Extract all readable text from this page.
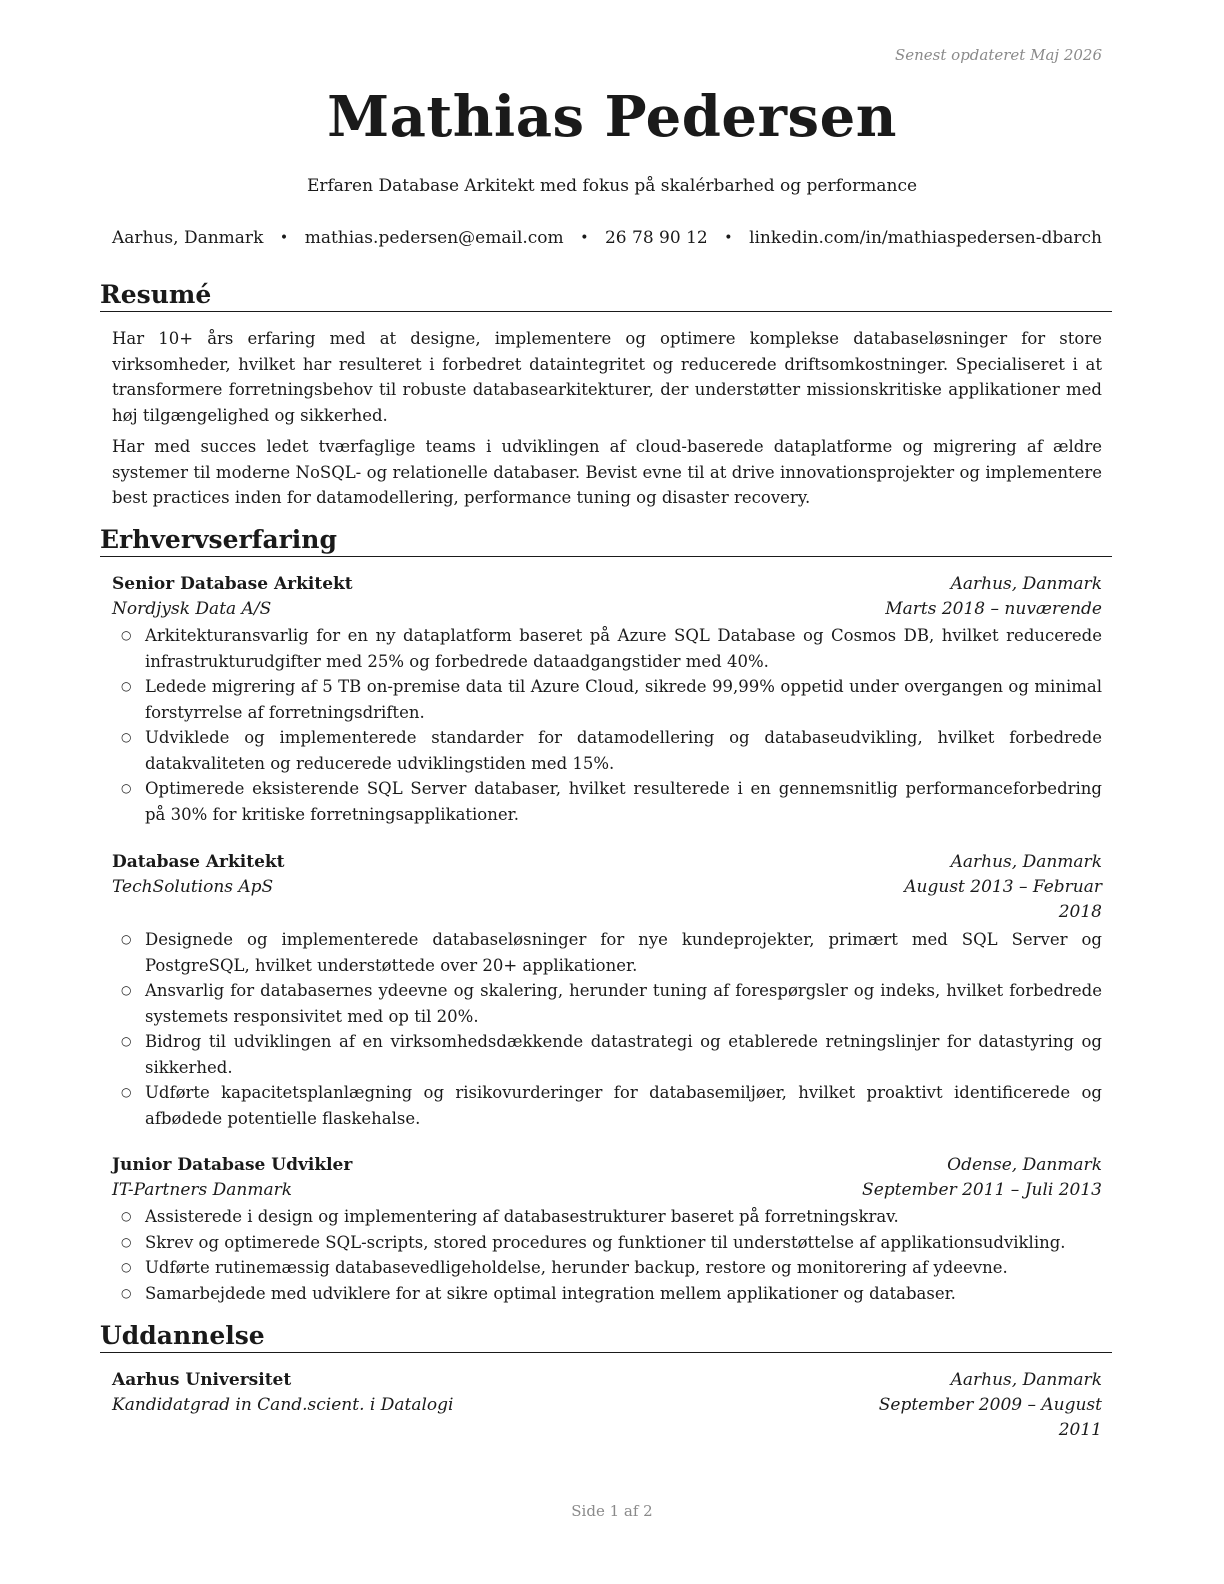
Senest opdateret Maj 2026
Mathias Pedersen
Erfaren Database Arkitekt med fokus på skalérbarhed og performance
Aarhus, Danmark • mathias.pedersen@email.com • 26 78 90 12 • linkedin.com/in/mathiaspedersen-dbarch
Resumé
Har 10+ års erfaring med at designe, implementere og optimere komplekse databaseløsninger for store virksomheder, hvilket har resulteret i forbedret dataintegritet og reducerede driftsomkostninger. Specialiseret i at transformere forretningsbehov til robuste databasearkitekturer, der understøtter missionskritiske applikationer med høj tilgængelighed og sikkerhed.
Har med succes ledet tværfaglige teams i udviklingen af cloud-baserede dataplatforme og migrering af ældre systemer til moderne NoSQL- og relationelle databaser. Bevist evne til at drive innovationsprojekter og implementere best practices inden for datamodellering, performance tuning og disaster recovery.
Erhvervserfaring
Senior Database Arkitekt	Aarhus, Danmark
Nordjysk Data A/S	Marts 2018 – nuværende
○ Arkitekturansvarlig for en ny dataplatform baseret på Azure SQL Database og Cosmos DB, hvilket reducerede infrastrukturudgifter med 25% og forbedrede dataadgangstider med 40%.
○ Ledede migrering af 5 TB on-premise data til Azure Cloud, sikrede 99,99% oppetid under overgangen og minimal forstyrrelse af forretningsdriften.
○ Udviklede og implementerede standarder for datamodellering og databaseudvikling, hvilket forbedrede datakvaliteten og reducerede udviklingstiden med 15%.
○ Optimerede eksisterende SQL Server databaser, hvilket resulterede i en gennemsnitlig performanceforbedring på 30% for kritiske forretningsapplikationer.
Database Arkitekt	Aarhus, Danmark
TechSolutions ApS	August 2013 – Februar
2018
○ Designede og implementerede databaseløsninger for nye kundeprojekter, primært med SQL Server og PostgreSQL, hvilket understøttede over 20+ applikationer.
○ Ansvarlig for databasernes ydeevne og skalering, herunder tuning af forespørgsler og indeks, hvilket forbedrede systemets responsivitet med op til 20%.
○ Bidrog til udviklingen af en virksomhedsdækkende datastrategi og etablerede retningslinjer for datastyring og sikkerhed.
○ Udførte kapacitetsplanlægning og risikovurderinger for databasemiljøer, hvilket proaktivt identificerede og afbødede potentielle flaskehalse.
Junior Database Udvikler	Odense, Danmark
IT-Partners Danmark	September 2011 – Juli 2013
○ Assisterede i design og implementering af databasestrukturer baseret på forretningskrav.
○ Skrev og optimerede SQL-scripts, stored procedures og funktioner til understøttelse af applikationsudvikling.
○ Udførte rutinemæssig databasevedligeholdelse, herunder backup, restore og monitorering af ydeevne.
○ Samarbejdede med udviklere for at sikre optimal integration mellem applikationer og databaser.
Uddannelse
Aarhus Universitet	Aarhus, Danmark
Kandidatgrad in Cand.scient. i Datalogi	September 2009 – August
2011
Side 1 af 2
